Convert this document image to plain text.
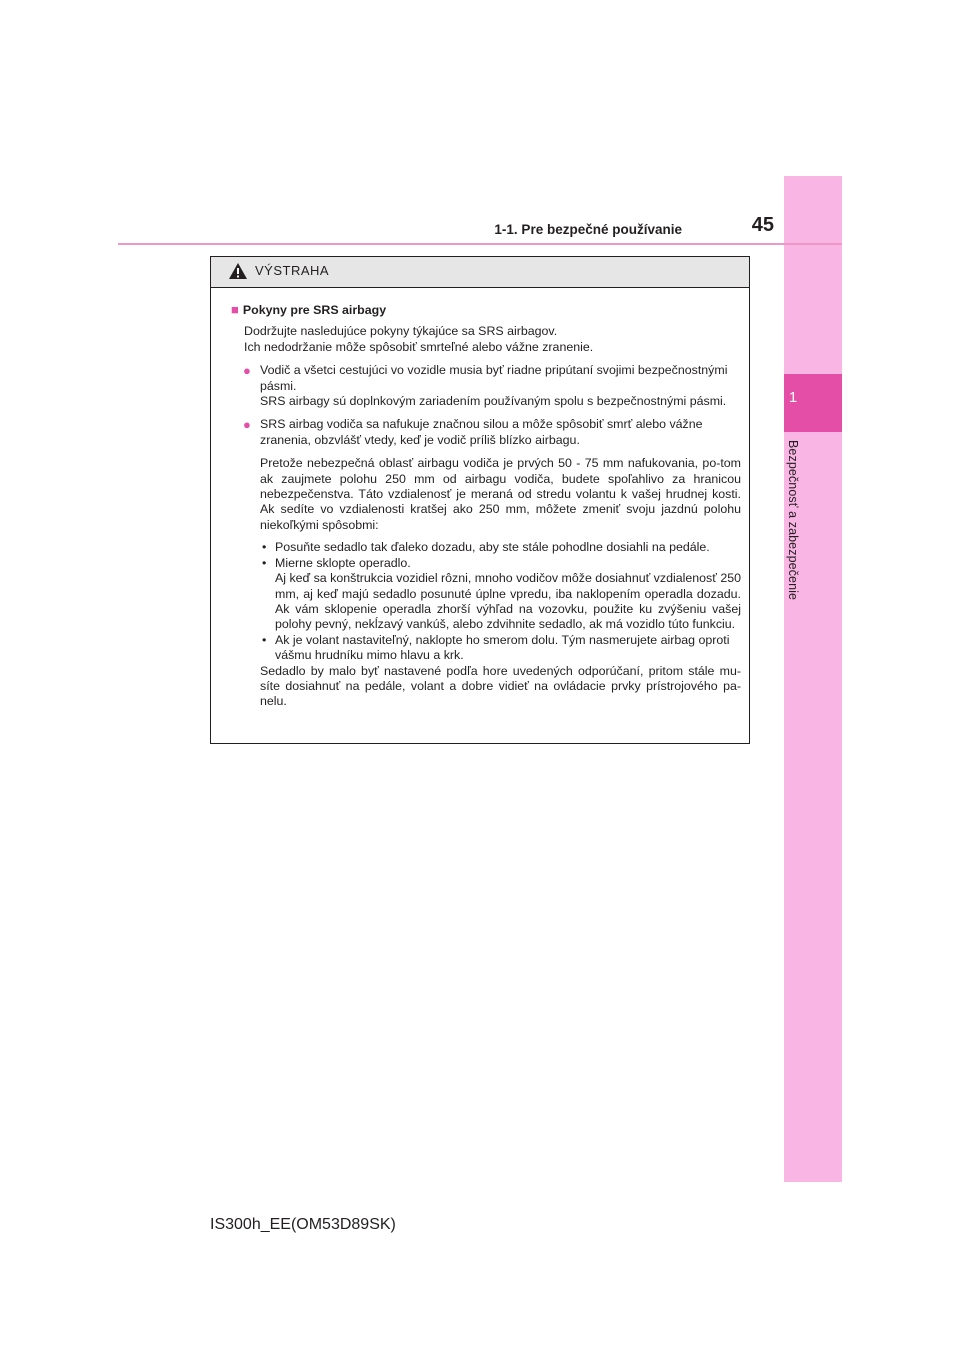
1
Bezpečnosť a zabezpečenie
1-1. Pre bezpečné používanie	45
VÝSTRAHA
■ Pokyny pre SRS airbagy
Dodržujte nasledujúce pokyny týkajúce sa SRS airbagov.
Ich nedodržanie môže spôsobiť smrteľné alebo vážne zranenie.
● Vodič a všetci cestujúci vo vozidle musia byť riadne pripútaní svojimi bezpečnostnými pásmi.
SRS airbagy sú doplnkovým zariadením používaným spolu s bezpečnostnými pásmi.
● SRS airbag vodiča sa nafukuje značnou silou a môže spôsobiť smrť alebo vážne zranenia, obzvlášť vtedy, keď je vodič príliš blízko airbagu.
Pretože nebezpečná oblasť airbagu vodiča je prvých 50 - 75 mm nafukovania, po-tom ak zaujmete polohu 250 mm od airbagu vodiča, budete spoľahlivo za hranicou nebezpečenstva. Táto vzdialenosť je meraná od stredu volantu k vašej hrudnej kosti. Ak sedíte vo vzdialenosti kratšej ako 250 mm, môžete zmeniť svoju jazdnú polohu niekoľkými spôsobmi:
• Posuňte sedadlo tak ďaleko dozadu, aby ste stále pohodlne dosiahli na pedále.
• Mierne sklopte operadlo.
Aj keď sa konštrukcia vozidiel rôzni, mnoho vodičov môže dosiahnuť vzdialenosť 250 mm, aj keď majú sedadlo posunuté úplne vpredu, iba naklopením operadla dozadu. Ak vám sklopenie operadla zhorší výhľad na vozovku, použite ku zvýšeniu vašej polohy pevný, nekĺzavý vankúš, alebo zdvihnite sedadlo, ak má vozidlo túto funkciu.
• Ak je volant nastaviteľný, naklopte ho smerom dolu. Tým nasmerujete airbag oproti vášmu hrudníku mimo hlavu a krk.
Sedadlo by malo byť nastavené podľa hore uvedených odporúčaní, pritom stále mu-síte dosiahnuť na pedále, volant a dobre vidieť na ovládacie prvky prístrojového pa-nelu.
IS300h_EE(OM53D89SK)
